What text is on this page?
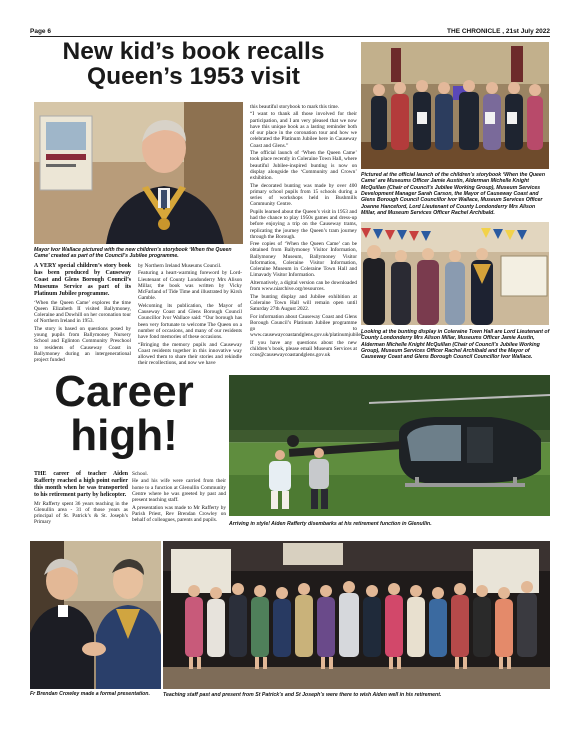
Page 6	THE CHRONICLE , 21st July 2022
New kid’s book recalls
Queen’s 1953 visit
Mayor Ivor Wallace pictured with the new children’s storybook ‘When the Queen Came’ created as part of the Council’s Jubilee programme.

A VERY special children’s story book has been produced by Causeway Coast and Glens Borough Council’s Museums Service as part of its Platinum Jubilee programme.

‘When the Queen Came’ explores the time Queen Elizabeth II visited Ballymoney, Coleraine and Dowhill on her coronation tour of Northern Ireland in 1953.

The story is based on questions posed by young pupils from Ballymoney Nursery School and Eglinton Community Preschool to residents of Causeway Coast in Ballymoney during an intergenerational project funded

by Northern Ireland Museums Council.

Featuring a heart-warming foreword by Lord-Lieutenant of County Londonderry Mrs Alison Millar, the book was written by Vicky McFarland of Tide Time and illustrated by Kirsh Gamble.

Welcoming its publication, the Mayor of Causeway Coast and Glens Borough Council Councillor Ivor Wallace said: “Our borough has been very fortunate to welcome The Queen on a number of occasions, and many of our residents have fond memories of these occasions.

“Bringing the memory pupils and Causeway Coast residents together in this innovative way allowed them to share their stories and rekindle their recollections, and now we have

this beautiful storybook to mark this time.

“I want to thank all those involved for their participation, and I am very pleased that we now have this unique book as a lasting reminder both of our place in the coronation tour and how we celebrated the Platinum Jubilee here in Causeway Coast and Glens.”

The official launch of ‘When the Queen Came’ took place recently in Coleraine Town Hall, where beautiful Jubilee-inspired bunting is now on display alongside the ‘Community and Crown’ exhibition.

The decorated bunting was made by over 400 primary school pupils from 15 schools during a series of workshops held in Bushmills Community Centre.

Pupils learned about the Queen’s visit in 1953 and had the chance to play 1950s games and dress-up before enjoying a trip on the Causeway trams, replicating the journey the Queen’s tram journey through the Borough.

Free copies of ‘When the Queen Came’ can be obtained from Ballymoney Visitor Information, Ballymoney Museum, Ballymoney Visitor Information, Coleraine Visitor Information, Coleraine Museum in Coleraine Town Hall and Limavady Visitor Information.

Alternatively, a digital version can be downloaded from www.niarchive.org/resources.

The bunting display and Jubilee exhibition at Coleraine Town Hall will remain open until Saturday 27th August 2022.

For information about Causeway Coast and Glens Borough Council’s Platinum Jubilee programme go to www.causewaycoastandglens.gov.uk/platinumjubilee.

If you have any questions about the new children’s book, please email Museum Services at ccos@causewaycoastandglens.gov.uk

Pictured at the official launch of the children’s storybook ‘When the Queen Came’ are Museums Officer Jamie Austin, Alderman Michelle Knight McQuillan (Chair of Council’s Jubilee Working Group), Museum Services Development Manager Sarah Carson, the Mayor of Causeway Coast and Glens Borough Council Councillor Ivor Wallace, Museum Services Officer Joanne Hanceford, Lord Lieutenant of County Londonderry Mrs Alison Millar, and Museum Services Officer Rachel Archibald.
Looking at the bunting display in Coleraine Town Hall are Lord Lieutenant of County Londonderry Mrs Alison Millar, Museums Officer Jamie Austin, Alderman Michelle Knight McQuillan (Chair of Council’s Jubilee Working Group), Museum Services Officer Rachel Archibald and the Mayor of Causeway Coast and Glens Borough Council Councillor Ivor Wallace.
Career
high!

THE career of teacher Aiden Rafferty reached a high point earlier this month when he was transported to his retirement party by helicopter.

Mr Rafferty spent 36 years teaching in the Glenullin area - 31 of those years as principal of St. Patrick’s & St. Joseph’s Primary

School.

He and his wife were carried from their home to a function at Glenullin Community Centre where he was greeted by past and present teaching staff.

A presentation was made to Mr Rafferty by Parish Priest, Rev Brendan Crowley on behalf of colleagues, parents and pupils.

Arriving in style! Aiden Rafferty disembarks at his retirement function in Glenullin.
Fr Brendan Crowley made a formal presentation.	Teaching staff past and present from St Patrick’s and St Joseph’s were there to wish Aiden well in his retirement.
